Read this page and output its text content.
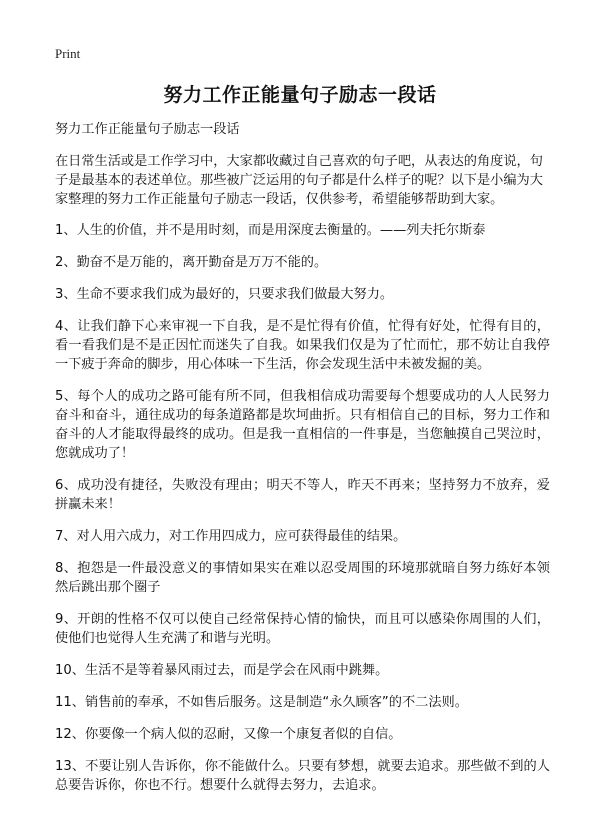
Print
努力工作正能量句子励志一段话

努力工作正能量句子励志一段话

在日常生活或是工作学习中，大家都收藏过自己喜欢的句子吧，从表达的角度说，句子是最基本的表述单位。那些被广泛运用的句子都是什么样子的呢？以下是小编为大家整理的努力工作正能量句子励志一段话，仅供参考，希望能够帮助到大家。

1、人生的价值，并不是用时刻，而是用深度去衡量的。——列夫托尔斯泰

2、勤奋不是万能的，离开勤奋是万万不能的。

3、生命不要求我们成为最好的，只要求我们做最大努力。

4、让我们静下心来审视一下自我，是不是忙得有价值，忙得有好处，忙得有目的，看一看我们是不是正因忙而迷失了自我。如果我们仅是为了忙而忙，那不妨让自我停一下疲于奔命的脚步，用心体味一下生活，你会发现生活中未被发掘的美。

5、每个人的成功之路可能有所不同，但我相信成功需要每个想要成功的人人民努力奋斗和奋斗，通往成功的每条道路都是坎坷曲折。只有相信自己的目标，努力工作和奋斗的人才能取得最终的成功。但是我一直相信的一件事是，当您触摸自己哭泣时，您就成功了！

6、成功没有捷径，失败没有理由；明天不等人，昨天不再来；坚持努力不放弃，爱拼赢未来！

7、对人用六成力，对工作用四成力，应可获得最佳的结果。

8、抱怨是一件最没意义的事情如果实在难以忍受周围的环境那就暗自努力练好本领然后跳出那个圈子

9、开朗的性格不仅可以使自己经常保持心情的愉快，而且可以感染你周围的人们，使他们也觉得人生充满了和谐与光明。

10、生活不是等着暴风雨过去，而是学会在风雨中跳舞。

11、销售前的奉承，不如售后服务。这是制造“永久顾客”的不二法则。

12、你要像一个病人似的忍耐，又像一个康复者似的自信。

13、不要让别人告诉你，你不能做什么。只要有梦想，就要去追求。那些做不到的人总要告诉你，你也不行。想要什么就得去努力，去追求。
